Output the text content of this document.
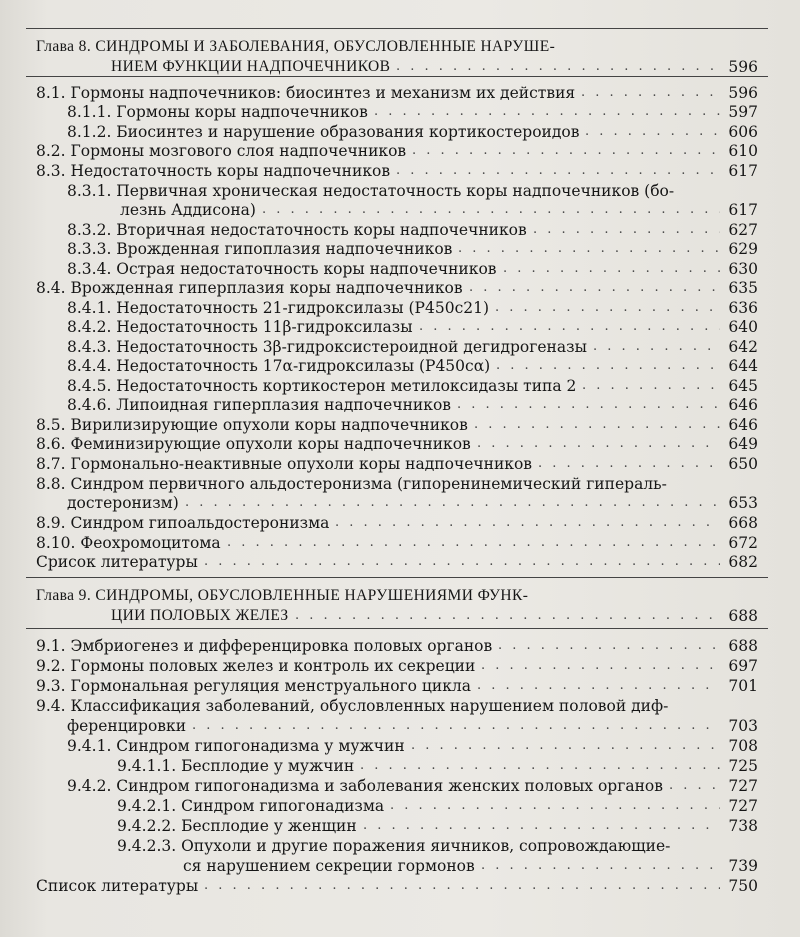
Глава 8. СИНДРОМЫ И ЗАБОЛЕВАНИЯ, ОБУСЛОВЛЕННЫЕ НАРУШЕ-
НИЕМ ФУНКЦИИ НАДПОЧЕЧНИКОВ . . .	596
8.1. Гормоны надпочечников: биосинтез и механизм их действия . . .	596
8.1.1. Гормоны коры надпочечников . . .	597
8.1.2. Биосинтез и нарушение образования кортикостероидов . . .	606
8.2. Гормоны мозгового слоя надпочечников . . .	610
8.3. Недостаточность коры надпочечников . . .	617
8.3.1. Первичная хроническая недостаточность коры надпочечников (бо-
лезнь Аддисона) . . .	617
8.3.2. Вторичная недостаточность коры надпочечников . . .	627
8.3.3. Врожденная гипоплазия надпочечников . . .	629
8.3.4. Острая недостаточность коры надпочечников . . .	630
8.4. Врожденная гиперплазия коры надпочечников . . .	635
8.4.1. Недостаточность 21-гидроксилазы (Р450с21) . . .	636
8.4.2. Недостаточность 11β-гидроксилазы . . .	640
8.4.3. Недостаточность 3β-гидроксистероидной дегидрогеназы . . .	642
8.4.4. Недостаточность 17α-гидроксилазы (Р450сα) . . .	644
8.4.5. Недостаточность кортикостерон метилоксидазы типа 2 . . .	645
8.4.6. Липоидная гиперплазия надпочечников . . .	646
8.5. Вирилизирующие опухоли коры надпочечников . . .	646
8.6. Феминизирующие опухоли коры надпочечников . . .	649
8.7. Гормонально-неактивные опухоли коры надпочечников . . .	650
8.8. Синдром первичного альдостеронизма (гипоренинемический гипераль-
достеронизм) . . .	653
8.9. Синдром гипоальдостеронизма . . .	668
8.10. Феохромоцитома . . .	672
Срисок литературы . . .	682
Глава 9. СИНДРОМЫ, ОБУСЛОВЛЕННЫЕ НАРУШЕНИЯМИ ФУНК-
ЦИИ ПОЛОВЫХ ЖЕЛЕЗ . . .	688
9.1. Эмбриогенез и дифференцировка половых органов . . .	688
9.2. Гормоны половых желез и контроль их секреции . . .	697
9.3. Гормональная регуляция менструального цикла . . .	701
9.4. Классификация заболеваний, обусловленных нарушением половой диф-
ференцировки . . .	703
9.4.1. Синдром гипогонадизма у мужчин . . .	708
9.4.1.1. Бесплодие у мужчин . . .	725
9.4.2. Синдром гипогонадизма и заболевания женских половых органов . . .	727
9.4.2.1. Синдром гипогонадизма . . .	727
9.4.2.2. Бесплодие у женщин . . .	738
9.4.2.3. Опухоли и другие поражения яичников, сопровождающие-
ся нарушением секреции гормонов . . .	739
Список литературы . . .	750
